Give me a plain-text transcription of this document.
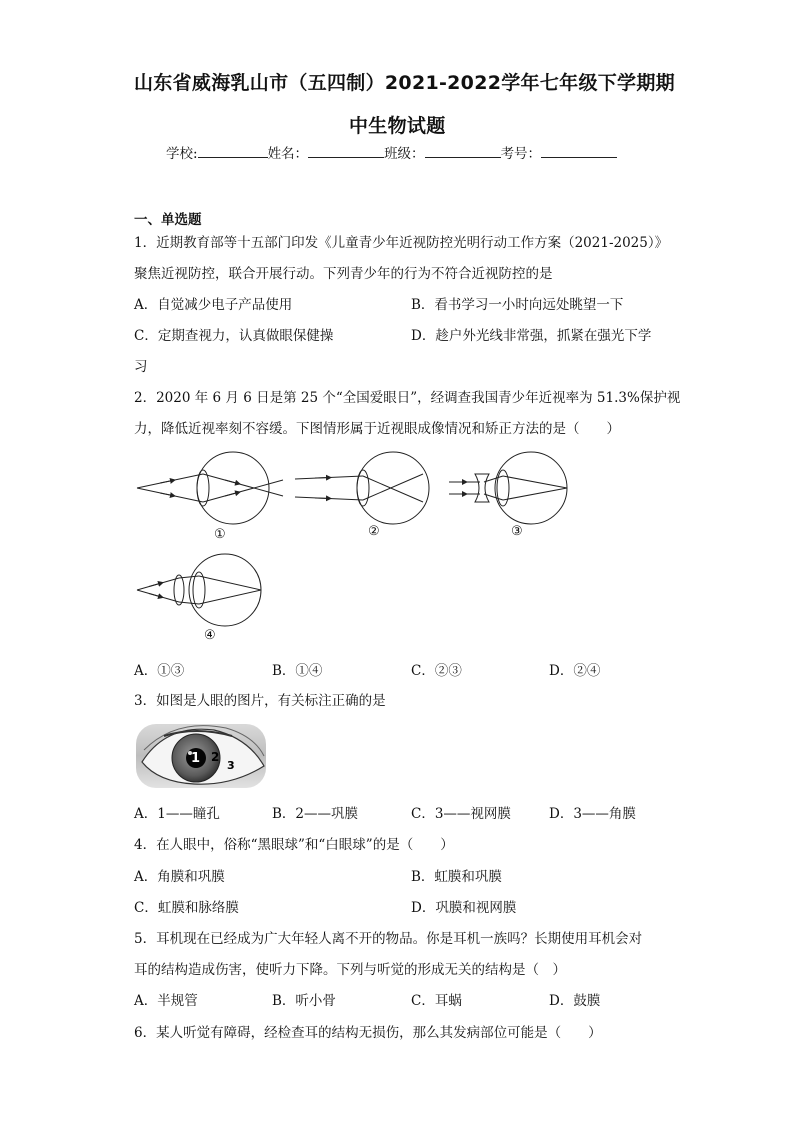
山东省威海乳山市（五四制）2021-2022学年七年级下学期期
中生物试题
学校:	姓名：	班级：	考号：
一、单选题
1．近期教育部等十五部门印发《儿童青少年近视防控光明行动工作方案（2021-2025）》
聚焦近视防控，联合开展行动。下列青少年的行为不符合近视防控的是
A．自觉减少电子产品使用	B．看书学习一小时向远处眺望一下
C．定期查视力，认真做眼保健操	D．趁户外光线非常强，抓紧在强光下学
习
2．2020 年 6 月 6 日是第 25 个“全国爱眼日”，经调查我国青少年近视率为 51.3%保护视
力，降低近视率刻不容缓。下图情形属于近视眼成像情况和矫正方法的是（　　）
①	②	③
④
A．①③	B．①④	C．②③	D．②④
3．如图是人眼的图片，有关标注正确的是
1 2
3
A．1——瞳孔	B．2——巩膜	C．3——视网膜	D．3——角膜
4．在人眼中，俗称“黑眼球”和“白眼球”的是（　　）
A．角膜和巩膜	B．虹膜和巩膜
C．虹膜和脉络膜	D．巩膜和视网膜
5．耳机现在已经成为广大年轻人离不开的物品。你是耳机一族吗？长期使用耳机会对
耳的结构造成伤害，使听力下降。下列与听觉的形成无关的结构是（　）
A．半规管	B．听小骨	C．耳蜗	D．鼓膜
6．某人听觉有障碍，经检查耳的结构无损伤，那么其发病部位可能是（　　）
